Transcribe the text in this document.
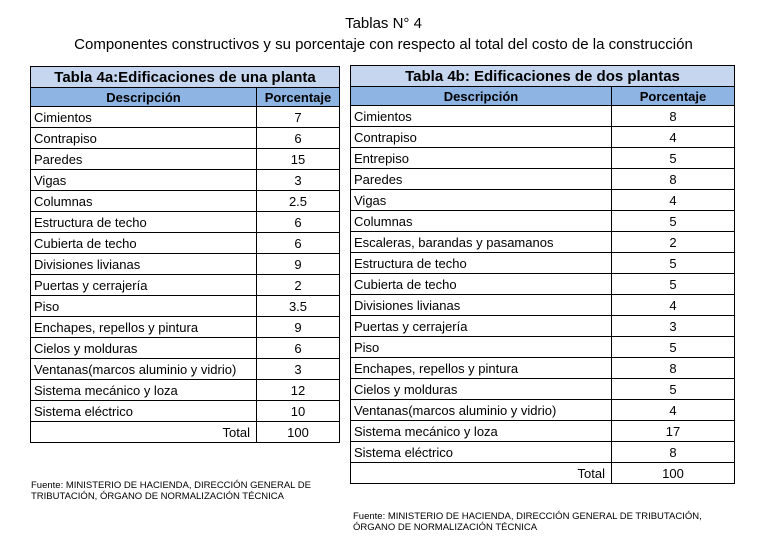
Tablas N° 4
Componentes constructivos y su porcentaje con respecto al total del costo de la construcción
Tabla 4a:Edificaciones de una planta	
Descripción	Porcentaje
Cimientos	7
Contrapiso	6
Paredes	15
Vigas	3
Columnas	2.5
Estructura de techo	6
Cubierta de techo	6
Divisiones livianas	9
Puertas y cerrajería	2
Piso	3.5
Enchapes, repellos y pintura	9
Cielos y molduras	6
Ventanas(marcos aluminio y vidrio)	3
Sistema mecánico y loza	12
Sistema eléctrico	10
Total	100
Fuente: MINISTERIO DE HACIENDA, DIRECCIÓN GENERAL DE TRIBUTACIÓN, ÓRGANO DE NORMALIZACIÓN TÉCNICA
Tabla 4b: Edificaciones de dos plantas	
Descripción	Porcentaje
Cimientos	8
Contrapiso	4
Entrepiso	5
Paredes	8
Vigas	4
Columnas	5
Escaleras, barandas y pasamanos	2
Estructura de techo	5
Cubierta de techo	5
Divisiones livianas	4
Puertas y cerrajería	3
Piso	5
Enchapes, repellos y pintura	8
Cielos y molduras	5
Ventanas(marcos aluminio y vidrio)	4
Sistema mecánico y loza	17
Sistema eléctrico	8
Total	100
Fuente: MINISTERIO DE HACIENDA, DIRECCIÓN GENERAL DE TRIBUTACIÓN, ÓRGANO DE NORMALIZACIÓN TÉCNICA
